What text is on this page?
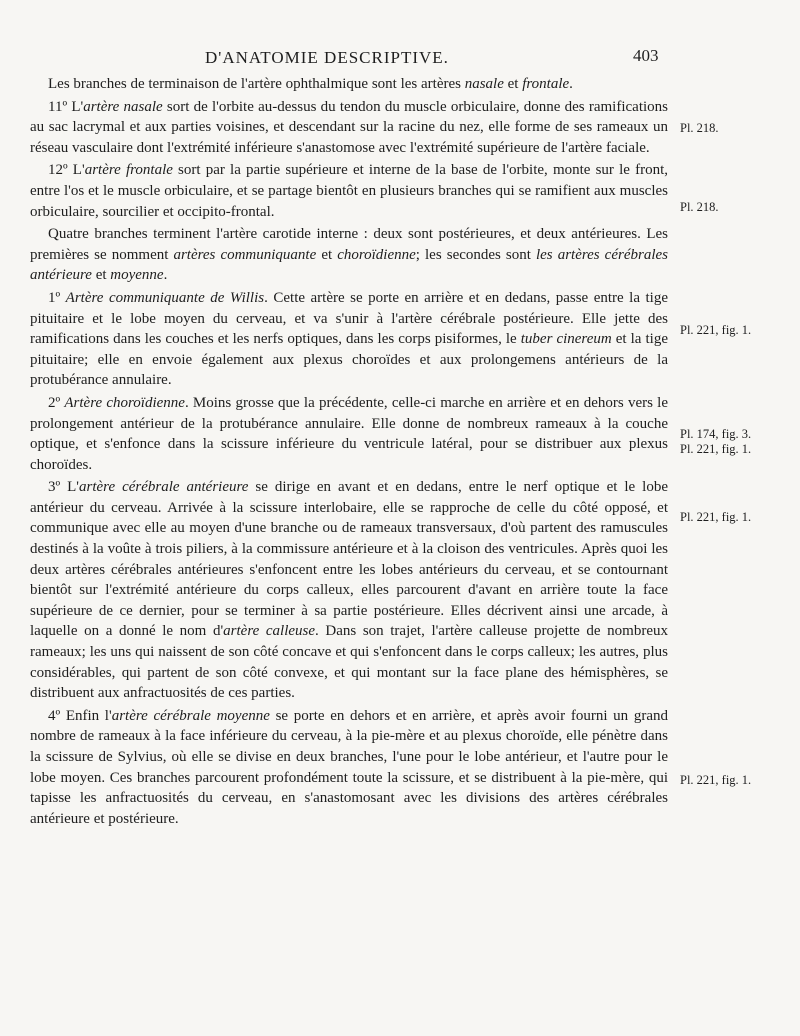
D'ANATOMIE DESCRIPTIVE.	403

Les branches de terminaison de l'artère ophthalmique sont les artères nasale et frontale.

11º L'artère nasale sort de l'orbite au-dessus du tendon du muscle orbiculaire, donne des ramifications au sac lacrymal et aux parties voisines, et descendant sur la racine du nez, elle forme de ses rameaux un réseau vasculaire dont l'extrémité inférieure s'anastomose avec l'extrémité supérieure de l'artère faciale.

12º L'artère frontale sort par la partie supérieure et interne de la base de l'orbite, monte sur le front, entre l'os et le muscle orbiculaire, et se partage bientôt en plusieurs branches qui se ramifient aux muscles orbiculaire, sourcilier et occipito-frontal.

Quatre branches terminent l'artère carotide interne : deux sont postérieures, et deux antérieures. Les premières se nomment artères communiquante et choroïdienne; les secondes sont les artères cérébrales antérieure et moyenne.

1º Artère communiquante de Willis. Cette artère se porte en arrière et en dedans, passe entre la tige pituitaire et le lobe moyen du cerveau, et va s'unir à l'artère cérébrale postérieure. Elle jette des ramifications dans les couches et les nerfs optiques, dans les corps pisiformes, le tuber cinereum et la tige pituitaire; elle en envoie également aux plexus choroïdes et aux prolongemens antérieurs de la protubérance annulaire.

2º Artère choroïdienne. Moins grosse que la précédente, celle-ci marche en arrière et en dehors vers le prolongement antérieur de la protubérance annulaire. Elle donne de nombreux rameaux à la couche optique, et s'enfonce dans la scissure inférieure du ventricule latéral, pour se distribuer aux plexus choroïdes.

3º L'artère cérébrale antérieure se dirige en avant et en dedans, entre le nerf optique et le lobe antérieur du cerveau. Arrivée à la scissure interlobaire, elle se rapproche de celle du côté opposé, et communique avec elle au moyen d'une branche ou de rameaux transversaux, d'où partent des ramuscules destinés à la voûte à trois piliers, à la commissure antérieure et à la cloison des ventricules. Après quoi les deux artères cérébrales antérieures s'enfoncent entre les lobes antérieurs du cerveau, et se contournant bientôt sur l'extrémité antérieure du corps calleux, elles parcourent d'avant en arrière toute la face supérieure de ce dernier, pour se terminer à sa partie postérieure. Elles décrivent ainsi une arcade, à laquelle on a donné le nom d'artère calleuse. Dans son trajet, l'artère calleuse projette de nombreux rameaux; les uns qui naissent de son côté concave et qui s'enfoncent dans le corps calleux; les autres, plus considérables, qui partent de son côté convexe, et qui montant sur la face plane des hémisphères, se distribuent aux anfractuosités de ces parties.

4º Enfin l'artère cérébrale moyenne se porte en dehors et en arrière, et après avoir fourni un grand nombre de rameaux à la face inférieure du cerveau, à la pie-mère et au plexus choroïde, elle pénètre dans la scissure de Sylvius, où elle se divise en deux branches, l'une pour le lobe antérieur, et l'autre pour le lobe moyen. Ces branches parcourent profondément toute la scissure, et se distribuent à la pie-mère, qui tapisse les anfractuosités du cerveau, en s'anastomosant avec les divisions des artères cérébrales antérieure et postérieure.

Pl. 218.
Pl. 218.
Pl. 221, fig. 1.
Pl. 174, fig. 3.
Pl. 221, fig. 1.
Pl. 221, fig. 1.
Pl. 221, fig. 1.
